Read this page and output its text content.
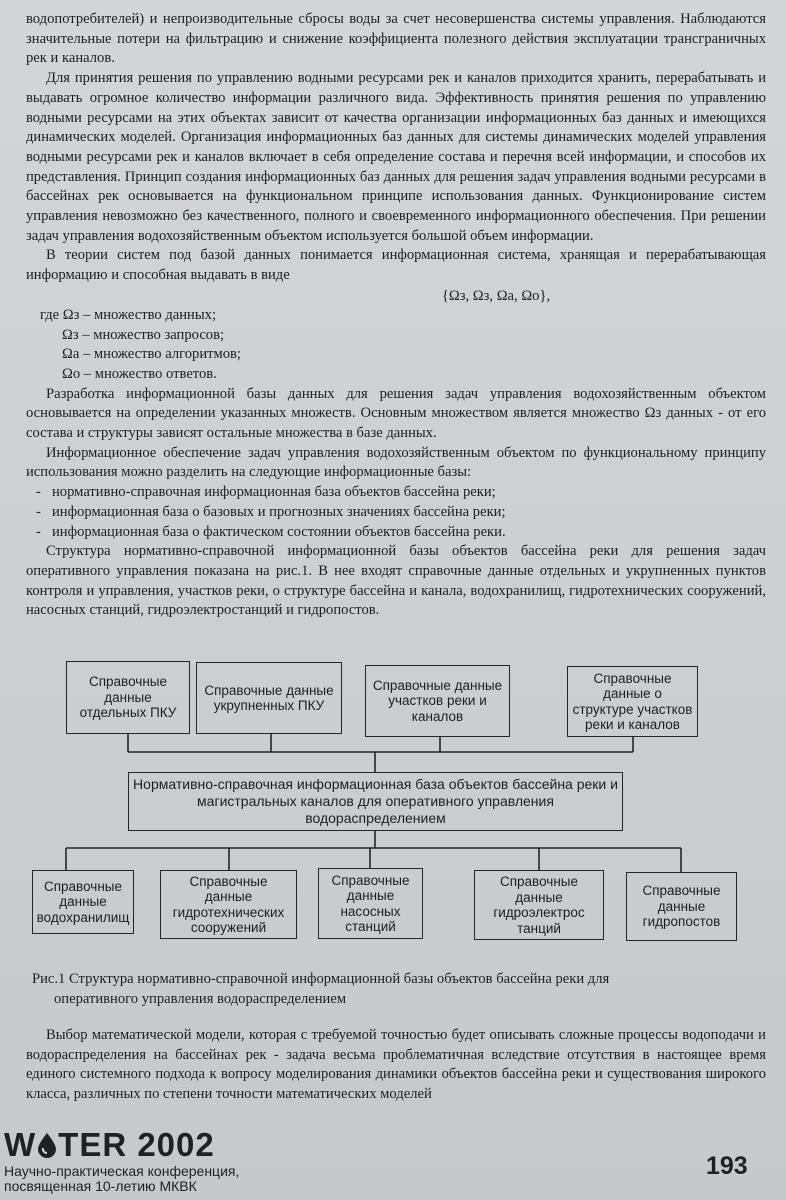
водопотребителей) и непроизводительные сбросы воды за счет несовершенства системы управления. Наблюдаются значительные потери на фильтрацию и снижение коэффициента полезного действия эксплуатации трансграничных рек и каналов.

Для принятия решения по управлению водными ресурсами рек и каналов приходится хранить, перерабатывать и выдавать огромное количество информации различного вида. Эффективность принятия решения по управлению водными ресурсами на этих объектах зависит от качества организации информационных баз данных и имеющихся динамических моделей. Организация информационных баз данных для системы динамических моделей управления водными ресурсами рек и каналов включает в себя определение состава и перечня всей информации, и способов их представления. Принцип создания информационных баз данных для решения задач управления водными ресурсами в бассейнах рек основывается на функциональном принципе использования данных. Функционирование систем управления невозможно без качественного, полного и своевременного информационного обеспечения. При решении задач управления водохозяйственным объектом используется большой объем информации.

В теории систем под базой данных понимается информационная система, хранящая и перерабатывающая информацию и способная выдавать в виде

{Ωз, Ωз, Ωа, Ωо},
где Ωз – множество данных;
Ωз – множество запросов;
Ωа – множество алгоритмов;
Ωо – множество ответов.

Разработка информационной базы данных для решения задач управления водохозяйственным объектом основывается на определении указанных множеств. Основным множеством является множество Ωз данных - от его состава и структуры зависят остальные множества в базе данных.

Информационное обеспечение задач управления водохозяйственным объектом по функциональному принципу использования можно разделить на следующие информационные базы:

- нормативно-справочная информационная база объектов бассейна реки;
- информационная база о базовых и прогнозных значениях бассейна реки;
- информационная база о фактическом состоянии объектов бассейна реки.

Структура нормативно-справочной информационной базы объектов бассейна реки для решения задач оперативного управления показана на рис.1. В нее входят справочные данные отдельных и укрупненных пунктов контроля и управления, участков реки, о структуре бассейна и канала, водохранилищ, гидротехнических сооружений, насосных станций, гидроэлектростанций и гидропостов.

Справочные данные отдельных ПКУ
Справочные данные укрупненных ПКУ
Справочные данные участков реки и каналов
Справочные данные о структуре участков реки и каналов
Нормативно-справочная информационная база объектов бассейна реки и магистральных каналов для оперативного управления водораспределением
Справочные данные водохранилищ
Справочные данные гидротехнических сооружений
Справочные данные насосных станций
Справочные данные гидроэлектрос танций
Справочные данные гидропостов
Рис.1 Структура нормативно-справочной информационной базы объектов бассейна реки для
оперативного управления водораспределением

Выбор математической модели, которая с требуемой точностью будет описывать сложные процессы водоподачи и водораспределения на бассейнах рек - задача весьма проблематичная вследствие отсутствия в настоящее время единого системного подхода к вопросу моделирования динамики объектов бассейна реки и существования широкого класса, различных по степени точности математических моделей

W TER 2002
Научно-практическая конференция,
посвященная 10-летию МКВК
193
